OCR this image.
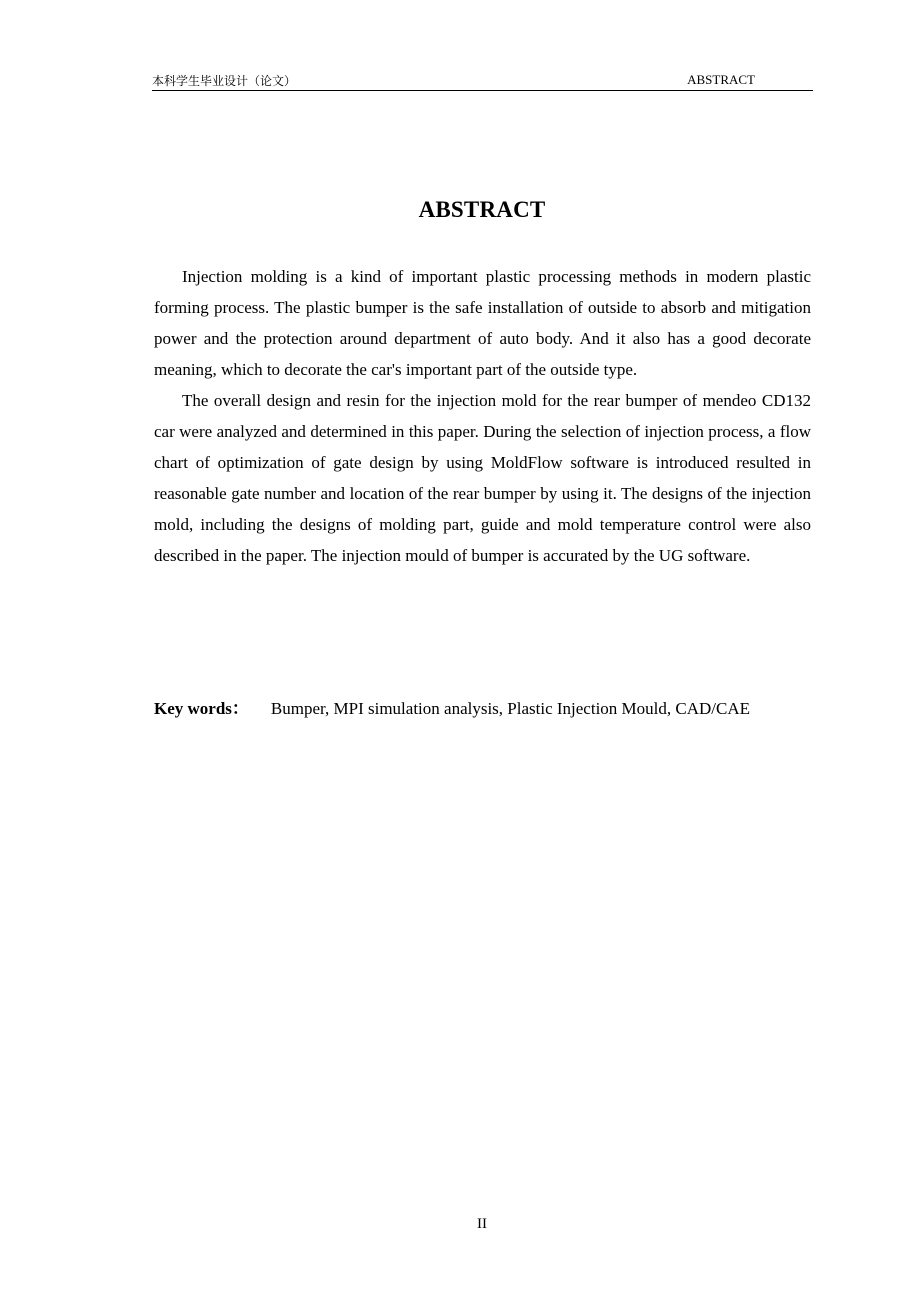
本科学生毕业设计（论文）	ABSTRACT
ABSTRACT

Injection molding is a kind of important plastic processing methods in modern plastic forming process. The plastic bumper is the safe installation of outside to absorb and mitigation power and the protection around department of auto body. And it also has a good decorate meaning, which to decorate the car's important part of the outside type.

The overall design and resin for the injection mold for the rear bumper of mendeo CD132 car were analyzed and determined in this paper. During the selection of injection process, a flow chart of optimization of gate design by using MoldFlow software is introduced resulted in reasonable gate number and location of the rear bumper by using it. The designs of the injection mold, including the designs of molding part, guide and mold temperature control were also described in the paper. The injection mould of bumper is accurated by the UG software.

Key words： Bumper, MPI simulation analysis, Plastic Injection Mould, CAD/CAE
II
